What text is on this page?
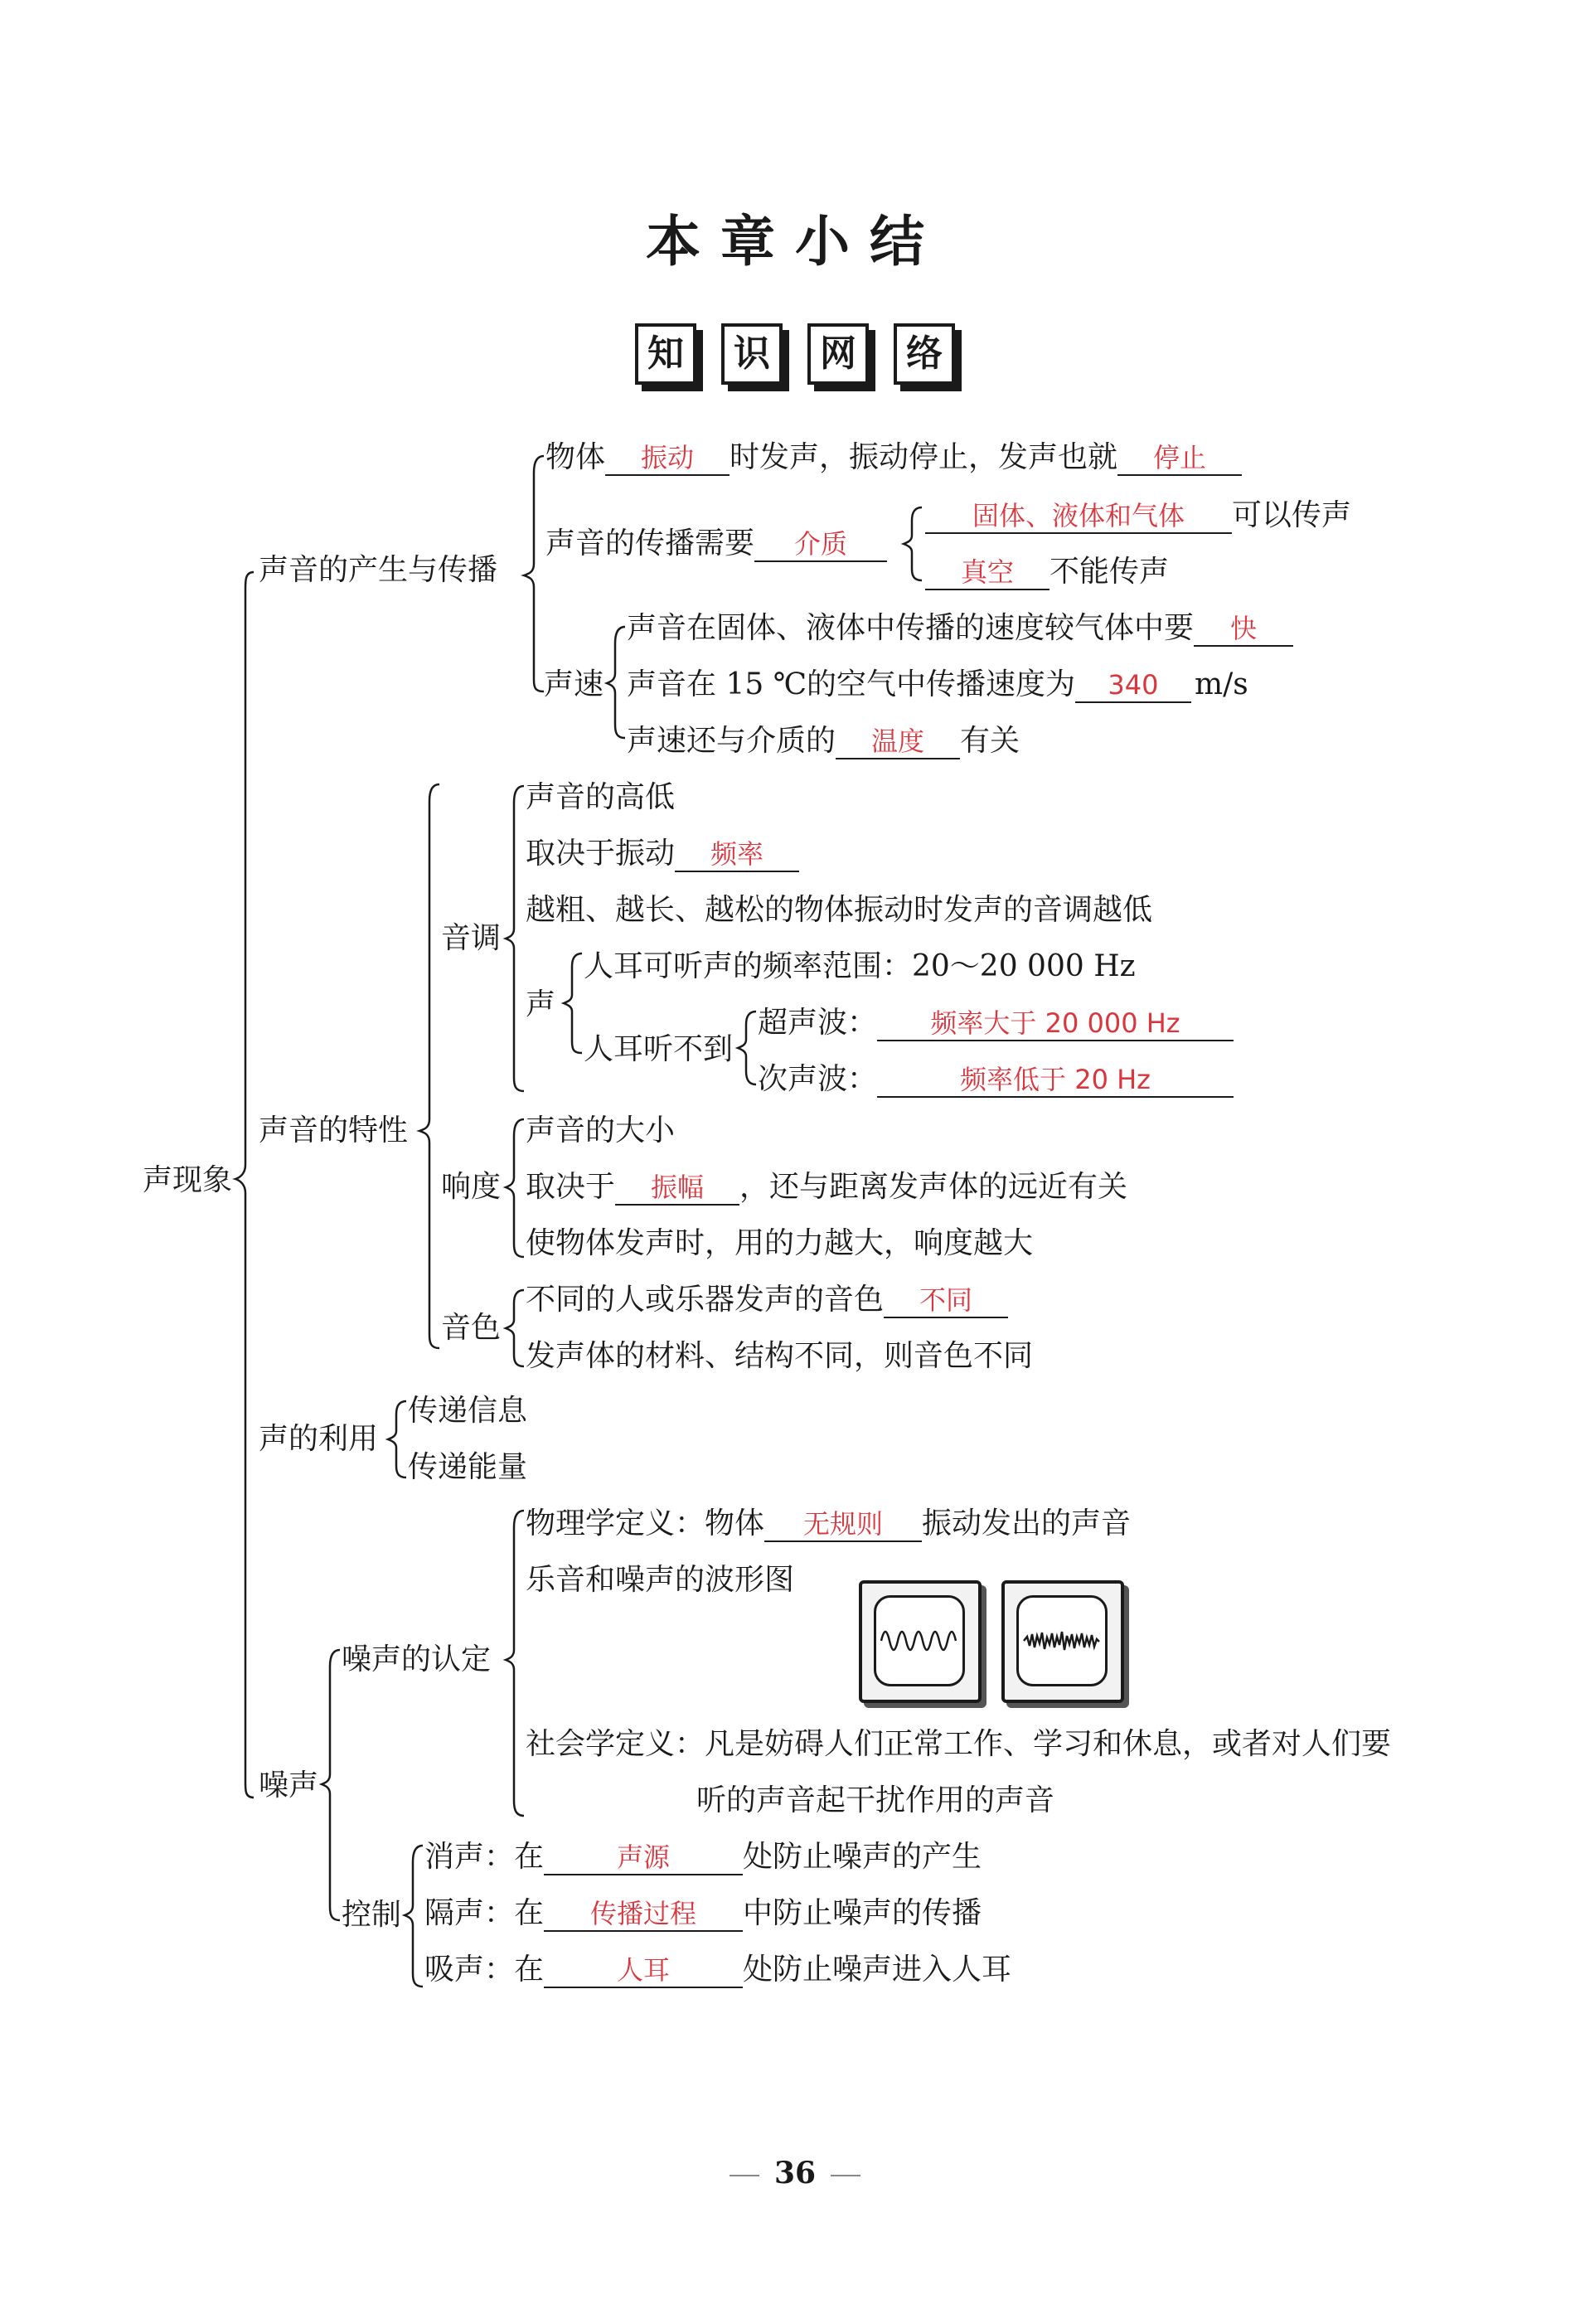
本章小结
知	识	网	络
声现象
声音的产生与传播
物体 振动 时发声，振动停止，发声也就 停止
声音的传播需要 介质
固体、液体和气体 可以传声
真空 不能传声
声速
声音在固体、液体中传播的速度较气体中要 快
声音在 15 ℃的空气中传播速度为 340 m/s
声速还与介质的 温度 有关
声音的特性
音调
声音的高低
取决于振动 频率
越粗、越长、越松的物体振动时发声的音调越低
声
人耳可听声的频率范围：20～20 000 Hz
人耳听不到
超声波： 频率大于 20 000 Hz
次声波：	频率低于 20 Hz
响度
声音的大小
取决于 振幅 ，还与距离发声体的远近有关
使物体发声时，用的力越大，响度越大
音色
不同的人或乐器发声的音色 不同
发声体的材料、结构不同，则音色不同
声的利用
传递信息
传递能量
噪声
噪声的认定
物理学定义：物体 无规则 振动发出的声音
乐音和噪声的波形图
社会学定义：凡是妨碍人们正常工作、学习和休息，或者对人们要
听的声音起干扰作用的声音
控制
消声：在	声源 处防止噪声的产生
隔声：在 传播过程 中防止噪声的传播
吸声：在	人耳 处防止噪声进入人耳
36
